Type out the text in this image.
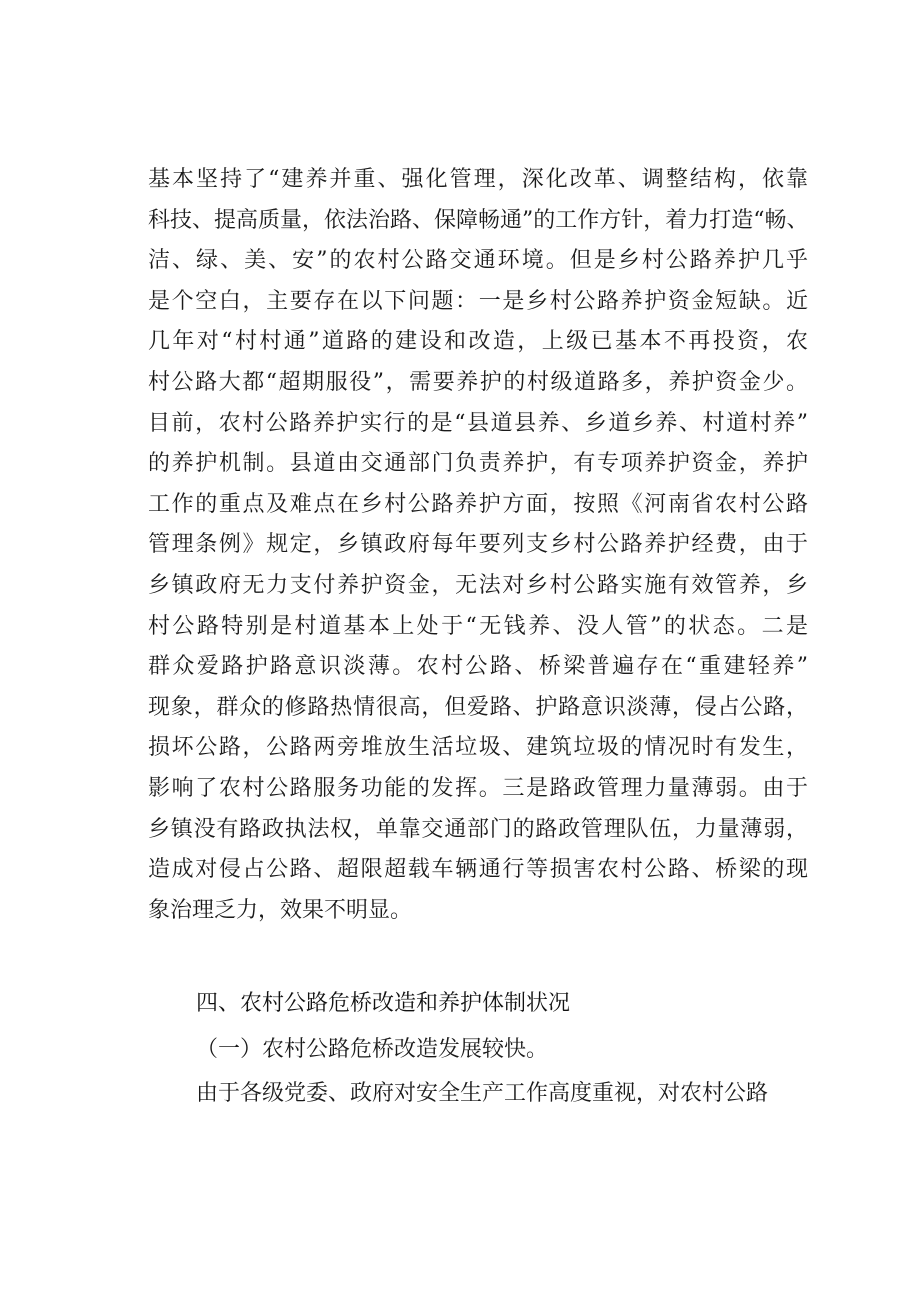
基本坚持了“建养并重、强化管理，深化改革、调整结构，依靠
科技、提高质量，依法治路、保障畅通”的工作方针，着力打造“畅、
洁、绿、美、安”的农村公路交通环境。但是乡村公路养护几乎
是个空白，主要存在以下问题：一是乡村公路养护资金短缺。近
几年对“村村通”道路的建设和改造，上级已基本不再投资，农
村公路大都“超期服役”，需要养护的村级道路多，养护资金少。
目前，农村公路养护实行的是“县道县养、乡道乡养、村道村养”
的养护机制。县道由交通部门负责养护，有专项养护资金，养护
工作的重点及难点在乡村公路养护方面，按照《河南省农村公路
管理条例》规定，乡镇政府每年要列支乡村公路养护经费，由于
乡镇政府无力支付养护资金，无法对乡村公路实施有效管养，乡
村公路特别是村道基本上处于“无钱养、没人管”的状态。二是
群众爱路护路意识淡薄。农村公路、桥梁普遍存在“重建轻养”
现象，群众的修路热情很高，但爱路、护路意识淡薄，侵占公路，
损坏公路，公路两旁堆放生活垃圾、建筑垃圾的情况时有发生，
影响了农村公路服务功能的发挥。三是路政管理力量薄弱。由于
乡镇没有路政执法权，单靠交通部门的路政管理队伍，力量薄弱，
造成对侵占公路、超限超载车辆通行等损害农村公路、桥梁的现
象治理乏力，效果不明显。

四、农村公路危桥改造和养护体制状况

（一）农村公路危桥改造发展较快。

由于各级党委、政府对安全生产工作高度重视，对农村公路
